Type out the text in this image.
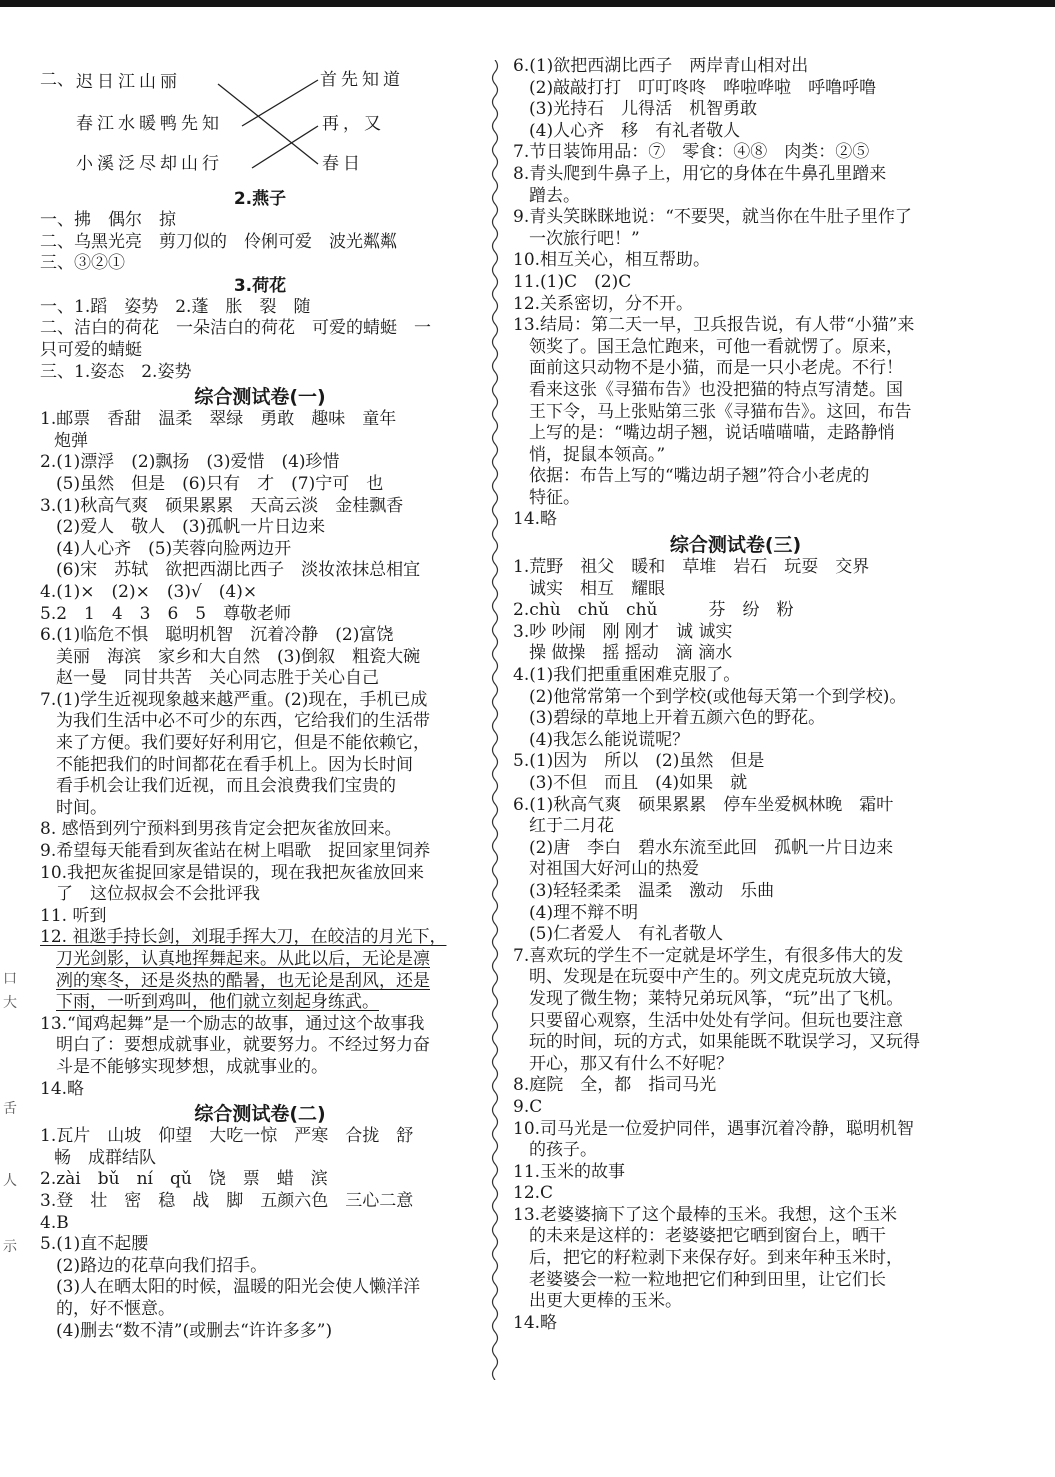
口
大
舌
人
示
二、 迟日江山丽
春江水暖鸭先知
小溪泛尽却山行
首先知道
再，又
春日
2.燕子
一、拂　偶尔　掠
二、乌黑光亮　剪刀似的　伶俐可爱　波光粼粼
三、③②①
3.荷花
一、1.蹈　姿势　2.蓬　胀　裂　随
二、洁白的荷花　一朵洁白的荷花　可爱的蜻蜓　一
只可爱的蜻蜓
三、1.姿态　2.姿势
综合测试卷(一)
1.邮票　香甜　温柔　翠绿　勇敢　趣味　童年
炮弹
2.(1)漂浮　(2)飘扬　(3)爱惜　(4)珍惜
(5)虽然　但是　(6)只有　才　(7)宁可　也
3.(1)秋高气爽　硕果累累　天高云淡　金桂飘香
(2)爱人　敬人　(3)孤帆一片日边来
(4)人心齐　(5)芙蓉向脸两边开
(6)宋　苏轼　欲把西湖比西子　淡妆浓抹总相宜
4.(1)×　(2)×　(3)√　(4)×
5.2　1　4　3　6　5　尊敬老师
6.(1)临危不惧　聪明机智　沉着冷静　(2)富饶
美丽　海滨　家乡和大自然　(3)倒叙　粗瓷大碗
赵一曼　同甘共苦　关心同志胜于关心自己
7.(1)学生近视现象越来越严重。(2)现在，手机已成
为我们生活中必不可少的东西，它给我们的生活带
来了方便。我们要好好利用它，但是不能依赖它，
不能把我们的时间都花在看手机上。因为长时间
看手机会让我们近视，而且会浪费我们宝贵的
时间。
8. 感悟到列宁预料到男孩肯定会把灰雀放回来。
9.希望每天能看到灰雀站在树上唱歌　捉回家里饲养
10.我把灰雀捉回家是错误的，现在我把灰雀放回来
了　这位叔叔会不会批评我
11. 听到
12. 祖逖手持长剑，刘琨手挥大刀，在皎洁的月光下，
刀光剑影，认真地挥舞起来。从此以后，无论是凛
冽的寒冬，还是炎热的酷暑，也无论是刮风，还是
下雨，一听到鸡叫，他们就立刻起身练武。
13.“闻鸡起舞”是一个励志的故事，通过这个故事我
明白了：要想成就事业，就要努力。不经过努力奋
斗是不能够实现梦想，成就事业的。
14.略
综合测试卷(二)
1.瓦片　山坡　仰望　大吃一惊　严寒　合拢　舒
畅　成群结队
2.zài　bǔ　ní　qǔ　饶　票　蜡　滨
3.登　壮　密　稳　战　脚　五颜六色　三心二意
4.B
5.(1)直不起腰
(2)路边的花草向我们招手。
(3)人在晒太阳的时候，温暖的阳光会使人懒洋洋
的，好不惬意。
(4)删去“数不清”(或删去“许许多多”)
6.(1)欲把西湖比西子　两岸青山相对出
(2)敲敲打打　叮叮咚咚　哗啦哗啦　呼噜呼噜
(3)光持石　儿得活　机智勇敢
(4)人心齐　移　有礼者敬人
7.节日装饰用品：⑦　零食：④⑧　肉类：②⑤
8.青头爬到牛鼻子上，用它的身体在牛鼻孔里蹭来
蹭去。
9.青头笑眯眯地说：“不要哭，就当你在牛肚子里作了
一次旅行吧！”
10.相互关心，相互帮助。
11.(1)C　(2)C
12.关系密切，分不开。
13.结局：第二天一早，卫兵报告说，有人带“小猫”来
领奖了。国王急忙跑来，可他一看就愣了。原来，
面前这只动物不是小猫，而是一只小老虎。不行！
看来这张《寻猫布告》也没把猫的特点写清楚。国
王下令，马上张贴第三张《寻猫布告》。这回，布告
上写的是：“嘴边胡子翘，说话喵喵喵，走路静悄
悄，捉鼠本领高。”
依据：布告上写的“嘴边胡子翘”符合小老虎的
特征。
14.略
综合测试卷(三)
1.荒野　祖父　暖和　草堆　岩石　玩耍　交界
诚实　相互　耀眼
2.chù　chǔ　chǔ　　　芬　纷　粉
3.吵 吵闹　刚 刚才　诚 诚实
操 做操　摇 摇动　滴 滴水
4.(1)我们把重重困难克服了。
(2)他常常第一个到学校(或他每天第一个到学校)。
(3)碧绿的草地上开着五颜六色的野花。
(4)我怎么能说谎呢？
5.(1)因为　所以　(2)虽然　但是
(3)不但　而且　(4)如果　就
6.(1)秋高气爽　硕果累累　停车坐爱枫林晚　霜叶
红于二月花
(2)唐　李白　碧水东流至此回　孤帆一片日边来
对祖国大好河山的热爱
(3)轻轻柔柔　温柔　激动　乐曲
(4)理不辩不明
(5)仁者爱人　有礼者敬人
7.喜欢玩的学生不一定就是坏学生，有很多伟大的发
明、发现是在玩耍中产生的。列文虎克玩放大镜，
发现了微生物；莱特兄弟玩风筝，“玩”出了飞机。
只要留心观察，生活中处处有学问。但玩也要注意
玩的时间，玩的方式，如果能既不耽误学习，又玩得
开心，那又有什么不好呢？
8.庭院　全，都　指司马光
9.C
10.司马光是一位爱护同伴，遇事沉着冷静，聪明机智
的孩子。
11.玉米的故事
12.C
13.老婆婆摘下了这个最棒的玉米。我想，这个玉米
的未来是这样的：老婆婆把它晒到窗台上，晒干
后，把它的籽粒剥下来保存好。到来年种玉米时，
老婆婆会一粒一粒地把它们种到田里，让它们长
出更大更棒的玉米。
14.略
